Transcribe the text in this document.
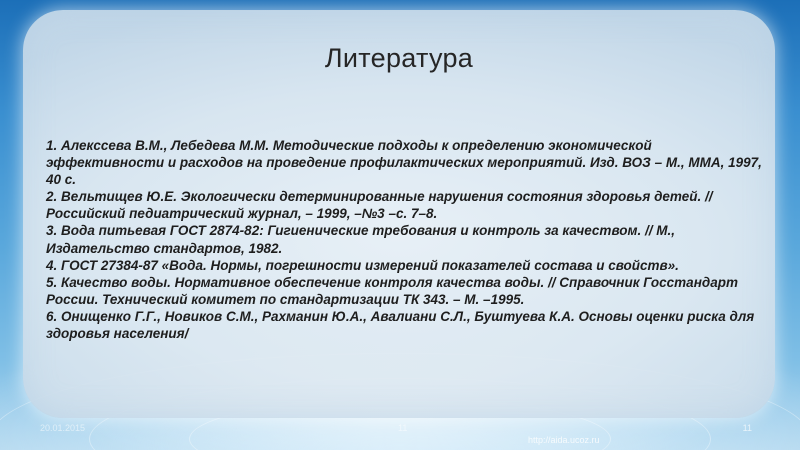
Литература
1. Алекссева В.М., Лебедева М.М. Методические подходы к определению экономической эффективности и расходов на проведение профилактических мероприятий. Изд. ВОЗ – М., ММА, 1997, 40 с.
2. Вельтищев Ю.Е. Экологически детерминированные нарушения состояния здоровья детей. // Российский педиатрический журнал, – 1999, –№3 –с. 7–8.
3. Вода питьевая ГОСТ 2874-82: Гигиенические требования и контроль за качеством. // М., Издательство стандартов, 1982.
4. ГОСТ 27384-87 «Вода. Нормы, погрешности измерений показателей состава и свойств».
5. Качество воды. Нормативное обеспечение контроля качества воды. // Справочник Госстандарт России. Технический комитет по стандартизации ТК 343. – М. –1995.
6. Онищенко Г.Г., Новиков С.М., Рахманин Ю.А., Авалиани С.Л., Буштуева К.А. Основы оценки риска для здоровья населения/
20.01.2015	11
http://aida.ucoz.ru
11
